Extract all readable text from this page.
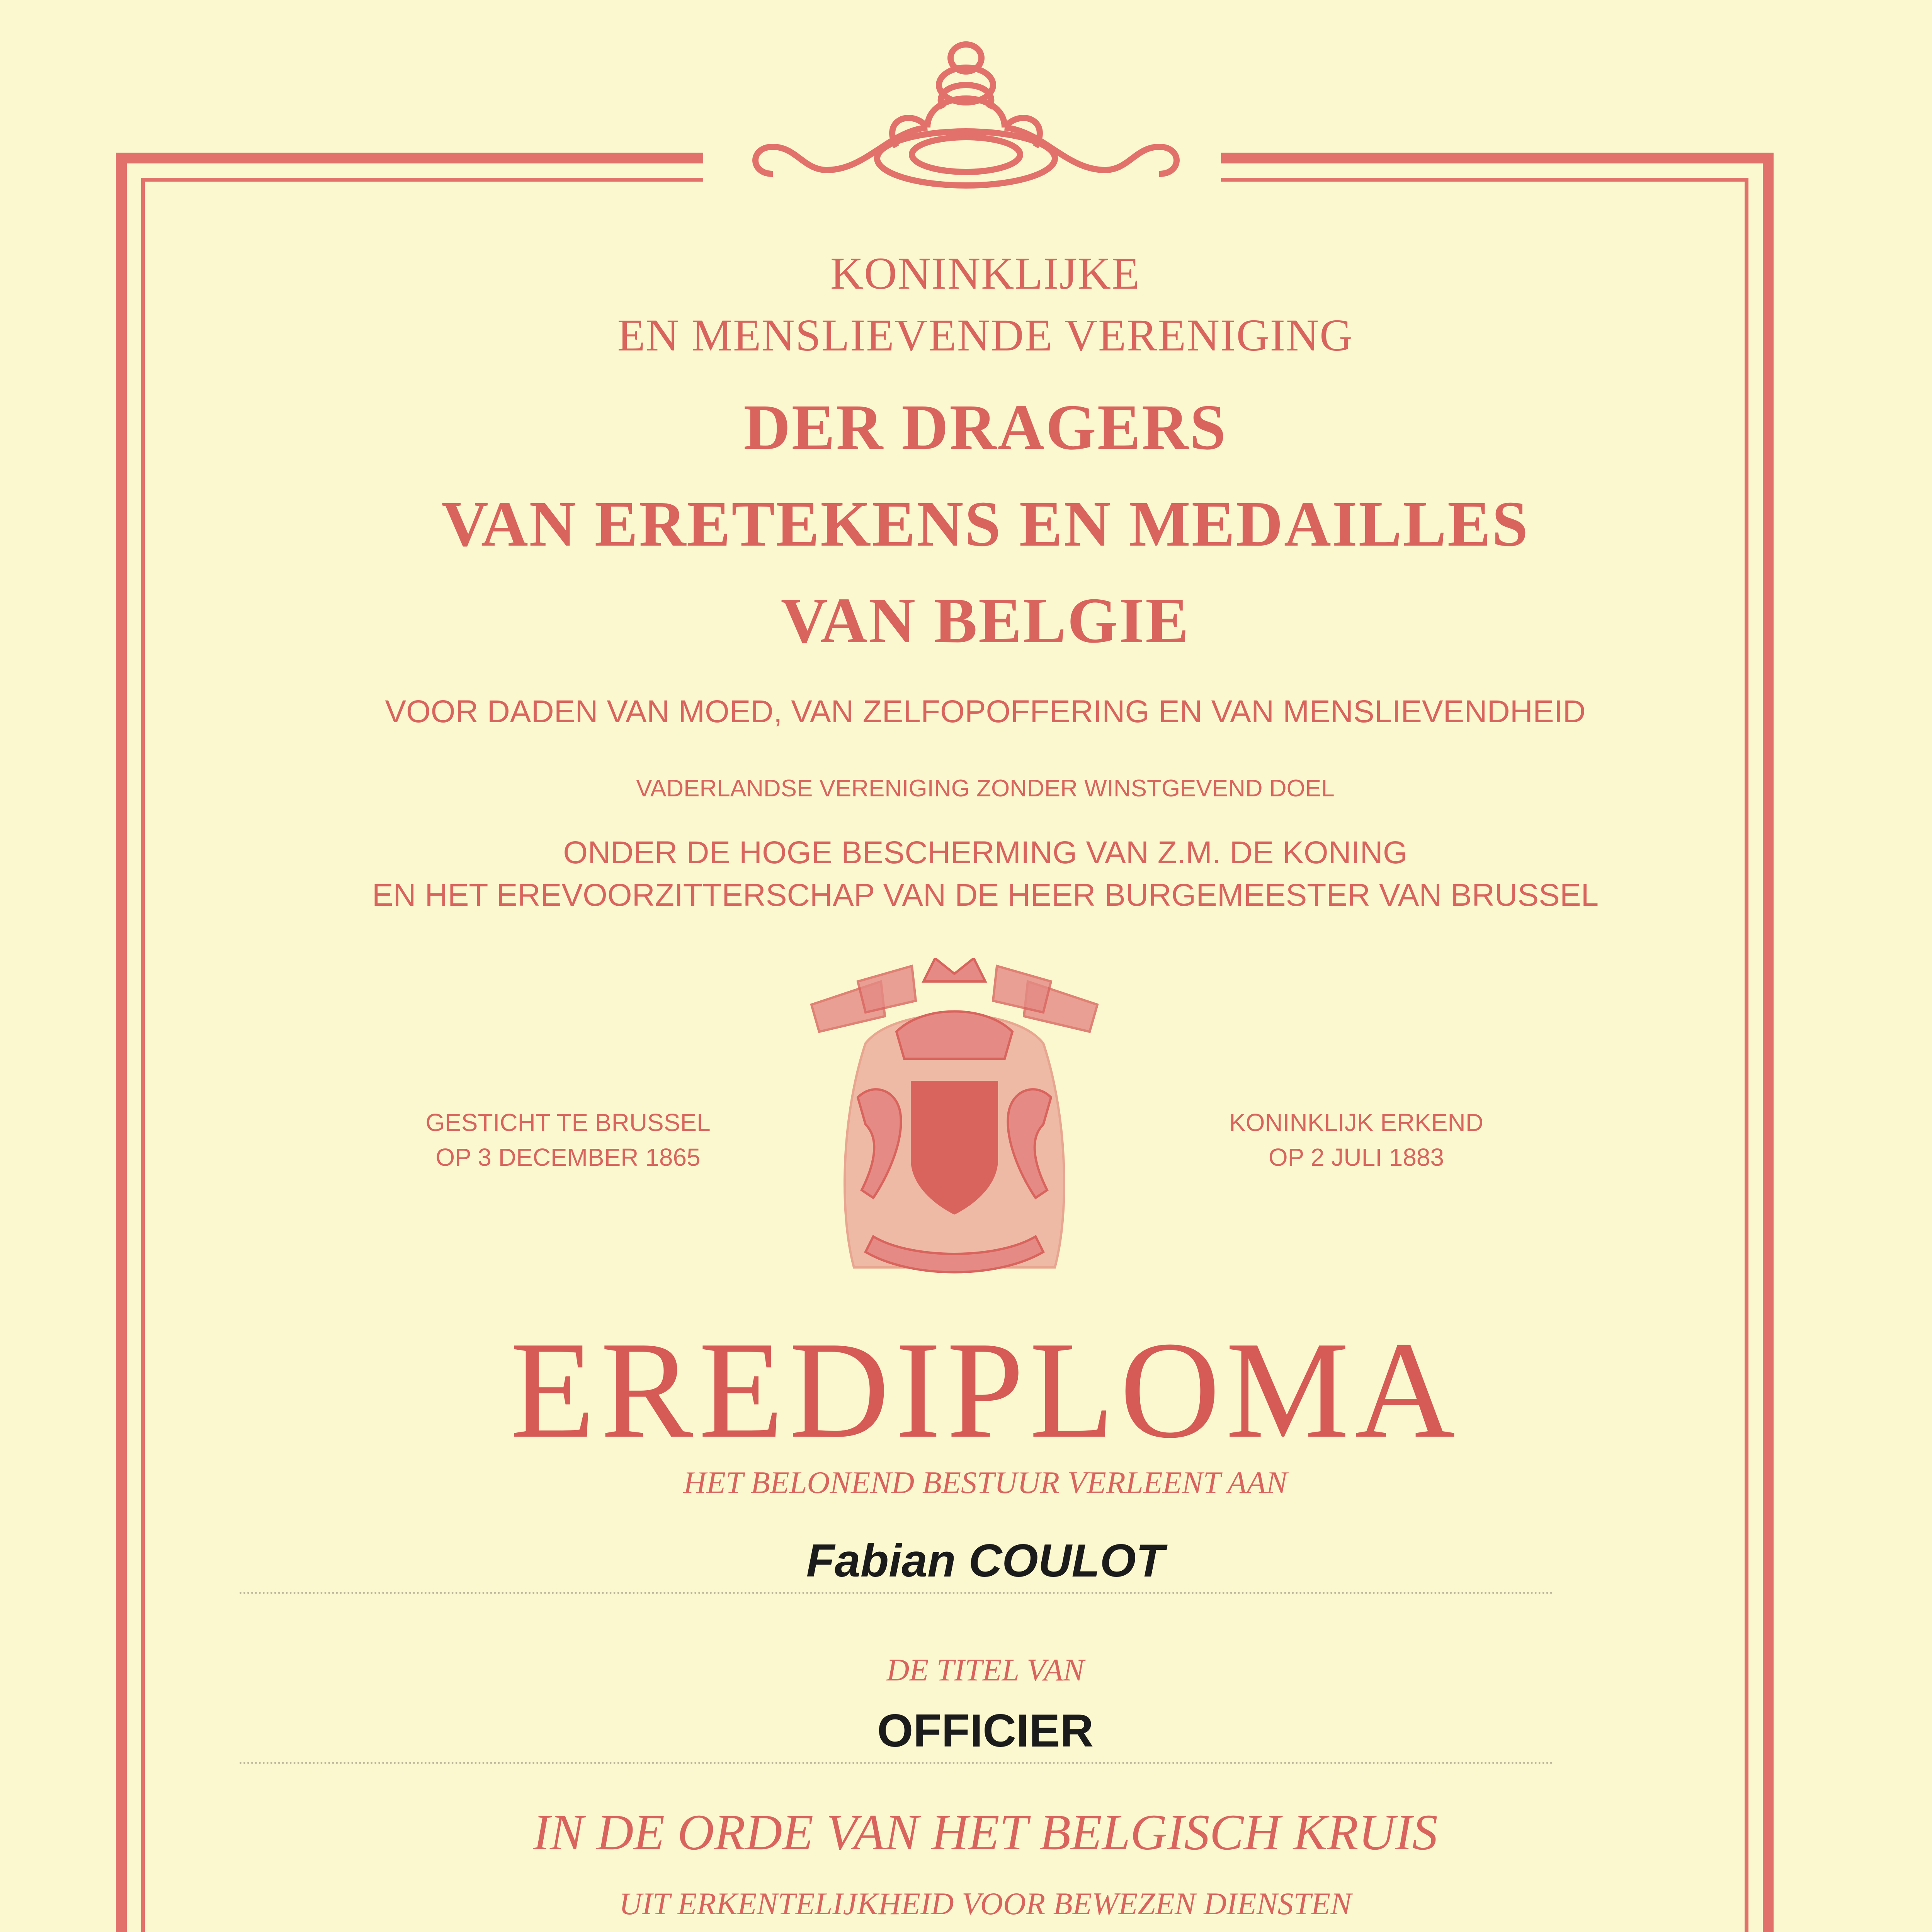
KONINKLIJKE
EN MENSLIEVENDE VERENIGING
DER DRAGERS
VAN ERETEKENS EN MEDAILLES
VAN BELGIE
VOOR DADEN VAN MOED, VAN ZELFOPOFFERING EN VAN MENSLIEVENDHEID
VADERLANDSE VERENIGING ZONDER WINSTGEVEND DOEL
ONDER DE HOGE BESCHERMING VAN Z.M. DE KONING
EN HET EREVOORZITTERSCHAP VAN DE HEER BURGEMEESTER VAN BRUSSEL
GESTICHT TE BRUSSEL
OP 3 DECEMBER 1865
KONINKLIJK ERKEND
OP 2 JULI 1883
EREDIPLOMA
HET BELONEND BESTUUR VERLEENT AAN
Fabian COULOT
DE TITEL VAN
OFFICIER
IN DE ORDE VAN HET BELGISCH KRUIS
UIT ERKENTELIJKHEID VOOR BEWEZEN DIENSTEN
